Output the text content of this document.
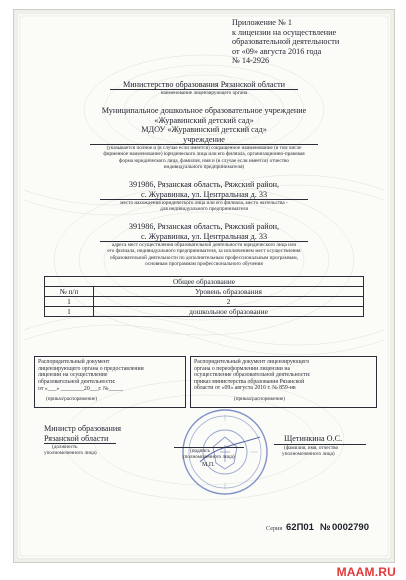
Приложение № 1

к лицензии на осуществление

образовательной деятельности

от «09» августа 2016 года

№ 14-2926

Министерство образования Рязанской области

наименование лицензирующего органа

Муниципальное дошкольное образовательное учреждение

«Журавинский детский сад»

МДОУ «Журавинский детский сад»

учреждение

(указывается полное и (в случае если имеется) сокращенное наименование (в том числе

фирменное наименование) юридического лица или его филиала, организационно-правовая

форма юридического лица, фамилия, имя и (в случае если имеется) отчество

индивидуального предпринимателя)

391986, Рязанская область, Ряжский район,

с. Журавинка, ул. Центральная д. 33

место нахождения юридического лица или его филиала, место жительства -

для индивидуального предпринимателя

391986, Рязанская область, Ряжский район,

с. Журавинка, ул. Центральная д. 33

адреса мест осуществления образовательной деятельности юридического лица или

его филиала, индивидуального предпринимателя, за исключением мест осуществления

образовательной деятельности по дополнительным профессиональным программам,

основным программам профессионального обучения

Общее образование	
№ п/п	Уровень образования
1	2
1	дошкольное образование

Распорядительный документ

лицензирующего органа о предоставлении

лицензии на осуществление

образовательной деятельности:

от «___» ________20___г. №_____

(приказ/распоряжение)

Распорядительный документ лицензирующего

органа о переоформлении лицензии на

осуществление образовательной деятельности:

приказ министерства образования Рязанской

области от «09» августа 2016 г. № 859-нв

(приказ/распоряжение)

Министр образования

Рязанской области

(должность

уполномоченного лица)	(подпись

уполномоченного лица)

М.П.

Щетинкина О.С.

(фамилия, имя, отчество

уполномоченного лица)

Серия 62П01 № 0002790

MAAM.RU
